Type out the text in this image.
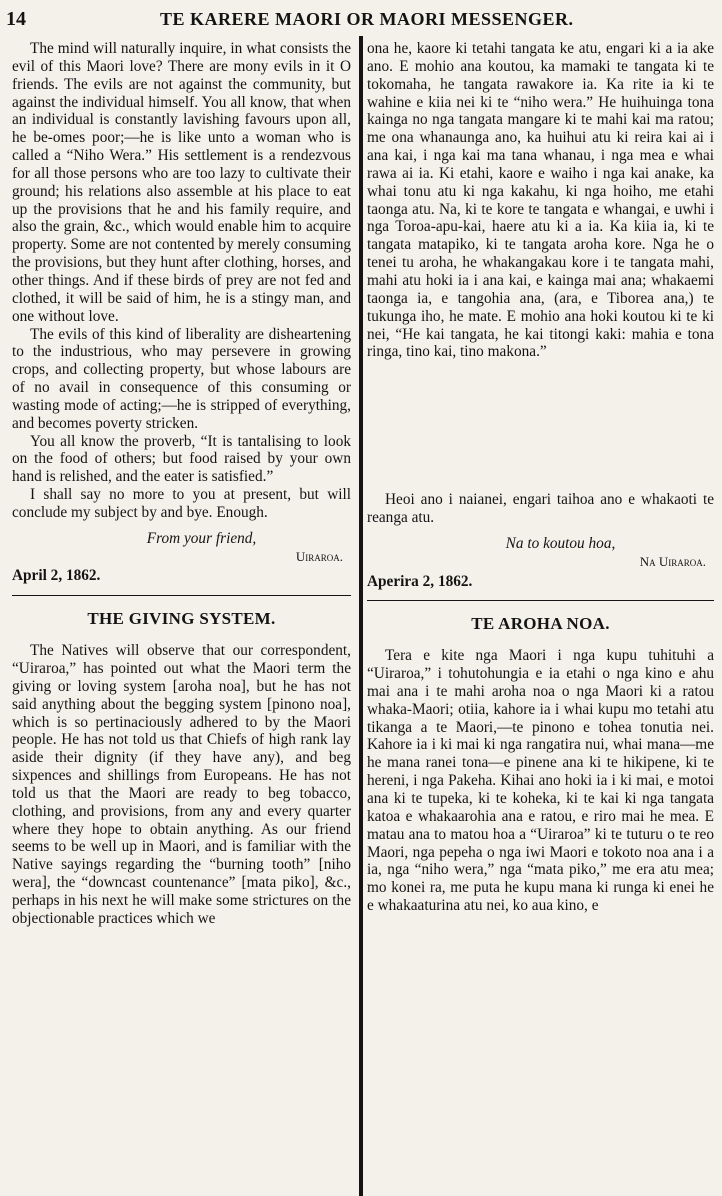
14	TE KARERE MAORI OR MAORI MESSENGER.

The mind will naturally inquire, in what consists the evil of this Maori love? There are mony evils in it O friends. The evils are not against the community, but against the individual himself. You all know, that when an individual is constantly lavishing favours upon all, he be-omes poor;—he is like unto a woman who is called a “Niho Wera.” His settlement is a rendezvous for all those persons who are too lazy to cultivate their ground; his relations also assemble at his place to eat up the provisions that he and his family require, and also the grain, &c., which would enable him to acquire property. Some are not contented by merely consuming the provisions, but they hunt after clothing, horses, and other things. And if these birds of prey are not fed and clothed, it will be said of him, he is a stingy man, and one without love.

The evils of this kind of liberality are disheartening to the industrious, who may persevere in growing crops, and collecting property, but whose labours are of no avail in consequence of this consuming or wasting mode of acting;—he is stripped of everything, and becomes poverty stricken.

You all know the proverb, “It is tantalising to look on the food of others; but food raised by your own hand is relished, and the eater is satisfied.”

I shall say no more to you at present, but will conclude my subject by and bye. Enough.

From your friend,

Uiraroa.

April 2, 1862.

THE GIVING SYSTEM.

The Natives will observe that our correspondent, “Uiraroa,” has pointed out what the Maori term the giving or loving system [aroha noa], but he has not said anything about the begging system [pinono noa], which is so pertinaciously adhered to by the Maori people. He has not told us that Chiefs of high rank lay aside their dignity (if they have any), and beg sixpences and shillings from Europeans. He has not told us that the Maori are ready to beg tobacco, clothing, and provisions, from any and every quarter where they hope to obtain anything. As our friend seems to be well up in Maori, and is familiar with the Native sayings regarding the “burning tooth” [niho wera], the “downcast countenance” [mata piko], &c., perhaps in his next he will make some strictures on the objectionable practices which we

ona he, kaore ki tetahi tangata ke atu, engari ki a ia ake ano. E mohio ana koutou, ka mamaki te tangata ki te tokomaha, he tangata rawakore ia. Ka rite ia ki te wahine e kiia nei ki te “niho wera.” He huihuinga tona kainga no nga tangata mangare ki te mahi kai ma ratou; me ona whanaunga ano, ka huihui atu ki reira kai ai i ana kai, i nga kai ma tana whanau, i nga mea e whai rawa ai ia. Ki etahi, kaore e waiho i nga kai anake, ka whai tonu atu ki nga kakahu, ki nga hoiho, me etahi taonga atu. Na, ki te kore te tangata e whangai, e uwhi i nga Toroa-apu-kai, haere atu ki a ia. Ka kiia ia, ki te tangata matapiko, ki te tangata aroha kore. Nga he o tenei tu aroha, he whakangakau kore i te tangata mahi, mahi atu hoki ia i ana kai, e kainga mai ana; whakaemi taonga ia, e tangohia ana, (ara, e Tiborea ana,) te tukunga iho, he mate. E mohio ana hoki koutou ki te ki nei, “He kai tangata, he kai titongi kaki: mahia e tona ringa, tino kai, tino makona.”

Heoi ano i naianei, engari taihoa ano e whakaoti te reanga atu.

Na to koutou hoa,

Na Uiraroa.

Aperira 2, 1862.

TE AROHA NOA.

Tera e kite nga Maori i nga kupu tuhituhi a “Uiraroa,” i tohutohungia e ia etahi o nga kino e ahu mai ana i te mahi aroha noa o nga Maori ki a ratou whaka-Maori; otiia, kahore ia i whai kupu mo tetahi atu tikanga a te Maori,—te pinono e tohea tonutia nei. Kahore ia i ki mai ki nga rangatira nui, whai mana—me he mana ranei tona—e pinene ana ki te hikipene, ki te hereni, i nga Pakeha. Kihai ano hoki ia i ki mai, e motoi ana ki te tupeka, ki te koheka, ki te kai ki nga tangata katoa e whakaarohia ana e ratou, e riro mai he mea. E matau ana to matou hoa a “Uiraroa” ki te tuturu o te reo Maori, nga pepeha o nga iwi Maori e tokoto noa ana i a ia, nga “niho wera,” nga “mata piko,” me era atu mea; mo konei ra, me puta he kupu mana ki runga ki enei he e whakaaturina atu nei, ko aua kino, e
